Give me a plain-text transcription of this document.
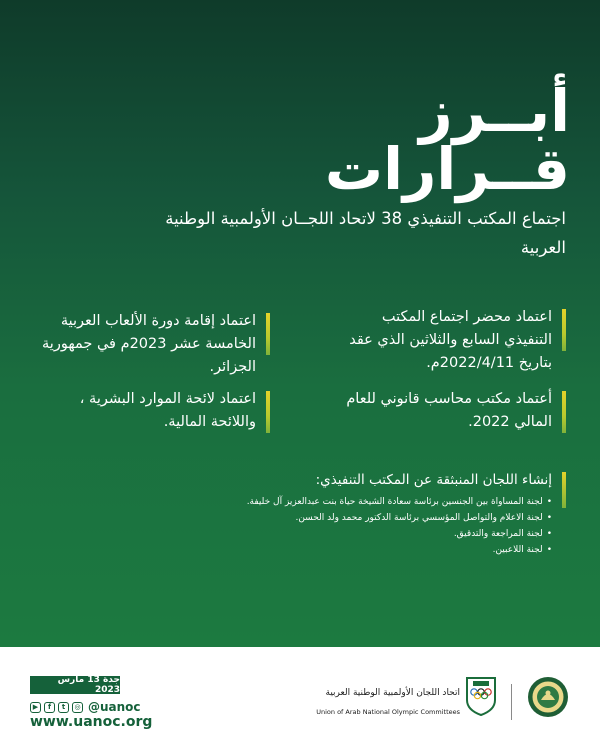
أبــرز
قــرارات
اجتماع المكتب التنفيذي 38 لاتحاد اللجــان الأولمبية الوطنية العربية
اعتماد محضر اجتماع المكتب التنفيذي السابع والثلاثين الذي عقد بتاريخ 2022/4/11م.
اعتماد إقامة دورة الألعاب العربية الخامسة عشر 2023م في جمهورية الجزائر.
أعتماد مكتب محاسب قانوني للعام المالي 2022.
اعتماد لائحة الموارد البشرية ، واللائحة المالية.
إنشاء اللجان المنبثقة عن المكتب التنفيذي:
• لجنة المساواة بين الجنسين برئاسة سعادة الشيخة حياة بنت عبدالعزيز آل خليفة.
• لجنة الاعلام والتواصل المؤسسي برئاسة الدكتور محمد ولد الحسن.
• لجنة المراجعة والتدقيق.
• لجنة اللاعبين.
جدة 13 مارس 2023
▶	f	t	◎ @uanoc
www.uanoc.org
اتحاد اللجان الأولمبية الوطنية العربية
Union of Arab National Olympic Committees
